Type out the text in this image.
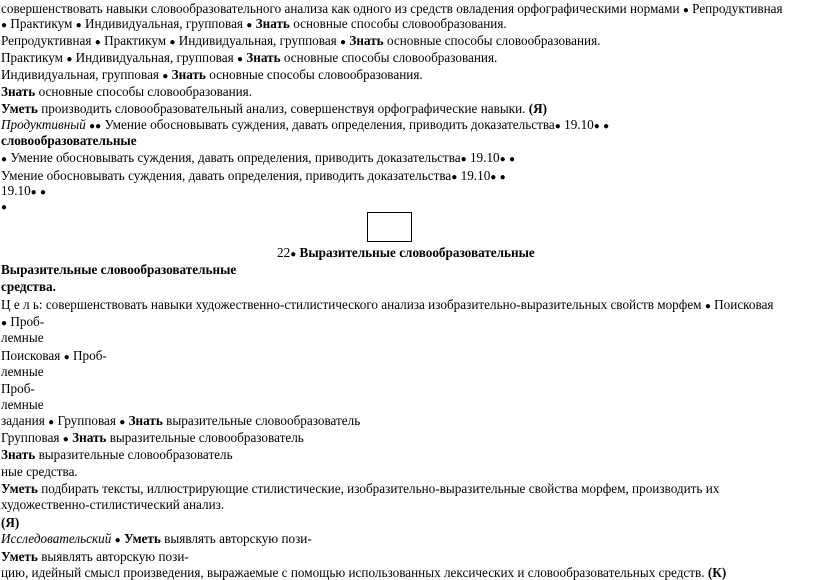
совершенствовать навыки словообразовательного анализа как одного из средств овладения орфографическими нормами ● Репродуктивная
● Практикум ● Индивидуальная, групповая ● Знать основные способы словообразования.
Репродуктивная ● Практикум ● Индивидуальная, групповая ● Знать основные способы словообразования.
Практикум ● Индивидуальная, групповая ● Знать основные способы словообразования.
Индивидуальная, групповая ● Знать основные способы словообразования.
Знать основные способы словообразования.
Уметь производить словообразовательный анализ, совершенствуя орфографические навыки. (Я)
Продуктивный ●● Умение обосновывать суждения, давать определения, приводить доказательства● 19.10● ●
словообразовательные
● Умение обосновывать суждения, давать определения, приводить доказательства● 19.10● ●
Умение обосновывать суждения, давать определения, приводить доказательства● 19.10● ●
19.10● ●
●
22● Выразительные словообразовательные
Выразительные словообразовательные
средства.
Ц е л ь: совершенствовать навыки художественно-стилистического анализа изобразительно-выразительных свойств морфем ● Поисковая
● Проб-
лемные
Поисковая ● Проб-
лемные
Проб-
лемные
задания ● Групповая ● Знать выразительные словообразователь
Групповая ● Знать выразительные словообразователь
Знать выразительные словообразователь
ные средства.
Уметь подбирать тексты, иллюстрирующие стилистические, изобразительно-выразительные свойства морфем, производить их
художественно-стилистический анализ.
(Я)
Исследовательский ● Уметь выявлять авторскую пози-
Уметь выявлять авторскую пози-
цию, идейный смысл произведения, выражаемые с помощью использованных лексических и словообразовательных средств. (К)
